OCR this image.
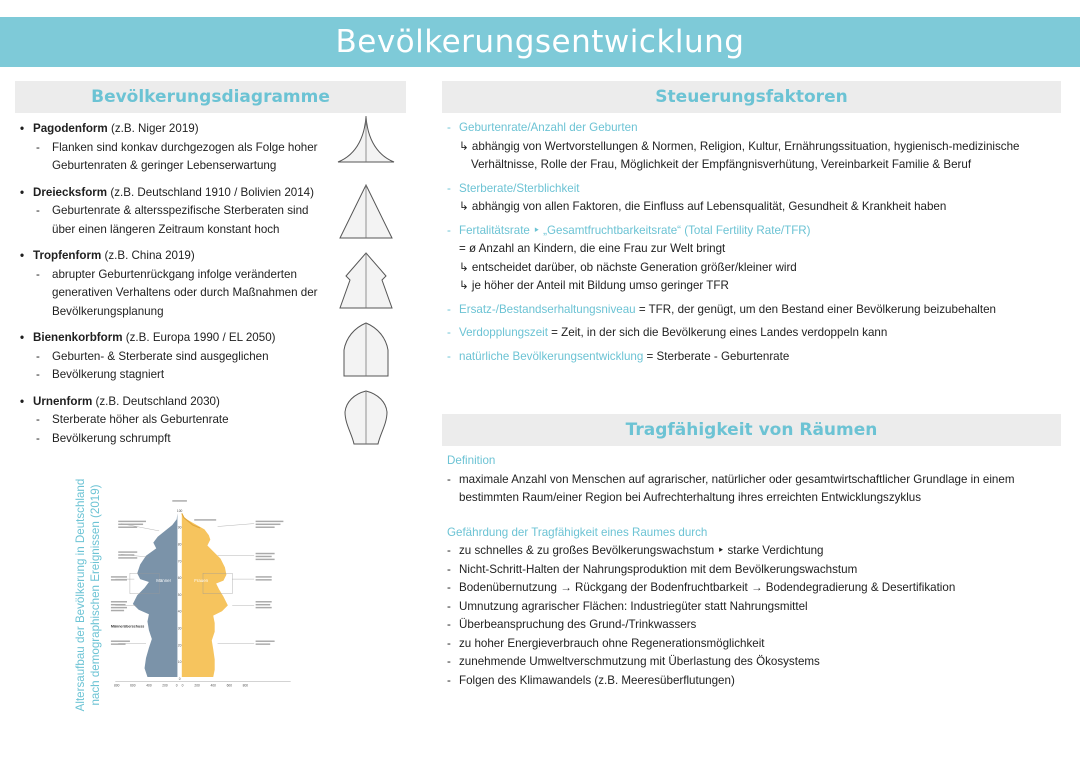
Bevölkerungsentwicklung
Bevölkerungsdiagramme
• Pagodenform (z.B. Niger 2019)
- Flanken sind konkav durchgezogen als Folge hoher
Geburtenraten & geringer Lebenserwartung
• Dreiecksform (z.B. Deutschland 1910 / Bolivien 2014)
- Geburtenrate & altersspezifische Sterberaten sind
über einen längeren Zeitraum konstant hoch
• Tropfenform (z.B. China 2019)
- abrupter Geburtenrückgang infolge veränderten
generativen Verhaltens oder durch Maßnahmen der
Bevölkerungsplanung
• Bienenkorbform (z.B. Europa 1990 / EL 2050)
- Geburten- & Sterberate sind ausgeglichen
- Bevölkerung stagniert
• Urnenform (z.B. Deutschland 2030)
- Sterberate höher als Geburtenrate
- Bevölkerung schrumpft
Altersaufbau der Bevölkerung in Deutschland nach demographischen Ereignissen (2019)	Männer	Frauen
Männerüberschuss
100
90
80
70
60
50
40
30
20
10
0
800 600 400 200 0 0 200 400 600 800
Steuerungsfaktoren
- Geburtenrate/Anzahl der Geburten
↳ abhängig von Wertvorstellungen & Normen, Religion, Kultur, Ernährungssituation, hygienisch-medizinische
Verhältnisse, Rolle der Frau, Möglichkeit der Empfängnisverhütung, Vereinbarkeit Familie & Beruf
- Sterberate/Sterblichkeit
↳ abhängig von allen Faktoren, die Einfluss auf Lebensqualität, Gesundheit & Krankheit haben
- Fertalitätsrate ‣ „Gesamtfruchtbarkeitsrate“ (Total Fertility Rate/TFR)
= ø Anzahl an Kindern, die eine Frau zur Welt bringt
↳ entscheidet darüber, ob nächste Generation größer/kleiner wird
↳ je höher der Anteil mit Bildung umso geringer TFR
- Ersatz-/Bestandserhaltungsniveau = TFR, der genügt, um den Bestand einer Bevölkerung beizubehalten
- Verdopplungszeit = Zeit, in der sich die Bevölkerung eines Landes verdoppeln kann
- natürliche Bevölkerungsentwicklung = Sterberate - Geburtenrate
Tragfähigkeit von Räumen
Definition
- maximale Anzahl von Menschen auf agrarischer, natürlicher oder gesamtwirtschaftlicher Grundlage in einem
bestimmten Raum/einer Region bei Aufrechterhaltung ihres erreichten Entwicklungszyklus
Gefährdung der Tragfähigkeit eines Raumes durch
- zu schnelles & zu großes Bevölkerungswachstum ‣ starke Verdichtung
- Nicht-Schritt-Halten der Nahrungsproduktion mit dem Bevölkerungswachstum
- Bodenübernutzung → Rückgang der Bodenfruchtbarkeit → Bodendegradierung & Desertifikation
- Umnutzung agrarischer Flächen: Industriegüter statt Nahrungsmittel
- Überbeanspruchung des Grund-/Trinkwassers
- zu hoher Energieverbrauch ohne Regenerationsmöglichkeit
- zunehmende Umweltverschmutzung mit Überlastung des Ökosystems
- Folgen des Klimawandels (z.B. Meeresüberflutungen)
